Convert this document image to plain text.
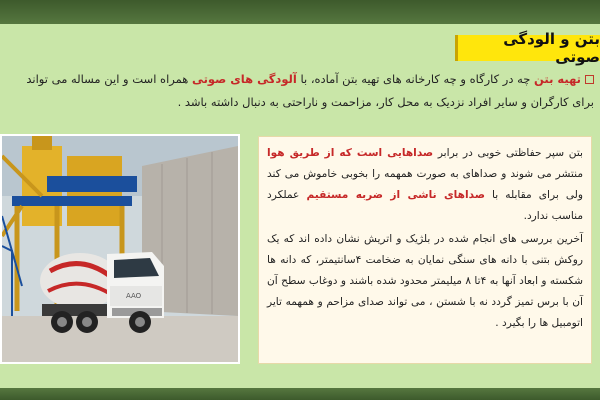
بتن و الودگی صوتی
تهیه بتن چه در کارگاه و چه کارخانه های تهیه بتن آماده، با آلودگی های صوتی همراه است و این مساله می تواند برای کارگران و سایر افراد نزدیک به محل کار، مزاحمت و ناراحتی به دنبال داشته باشد .
AAO

بتن سپر حفاظتی خوبی در برابر صداهایی است که از طریق هوا منتشر می شوند و صداهای به صورت همهمه را بخوبی خاموش می کند ولی برای مقابله با صداهای ناشی از ضربه مستقیم عملکرد مناسب ندارد.

آخرین بررسی های انجام شده در بلژیک و اتریش نشان داده اند که یک روکش بتنی با دانه های سنگی نمایان به ضخامت ۴سانتیمتر، که دانه ها شکسته و ابعاد آنها به ۴تا ۸ میلیمتر محدود شده باشند و دوغاب سطح آن آن با برس تمیز گردد نه با شستن ، می تواند صدای مزاحم و همهمه تایر اتومبیل ها را بگیرد .
